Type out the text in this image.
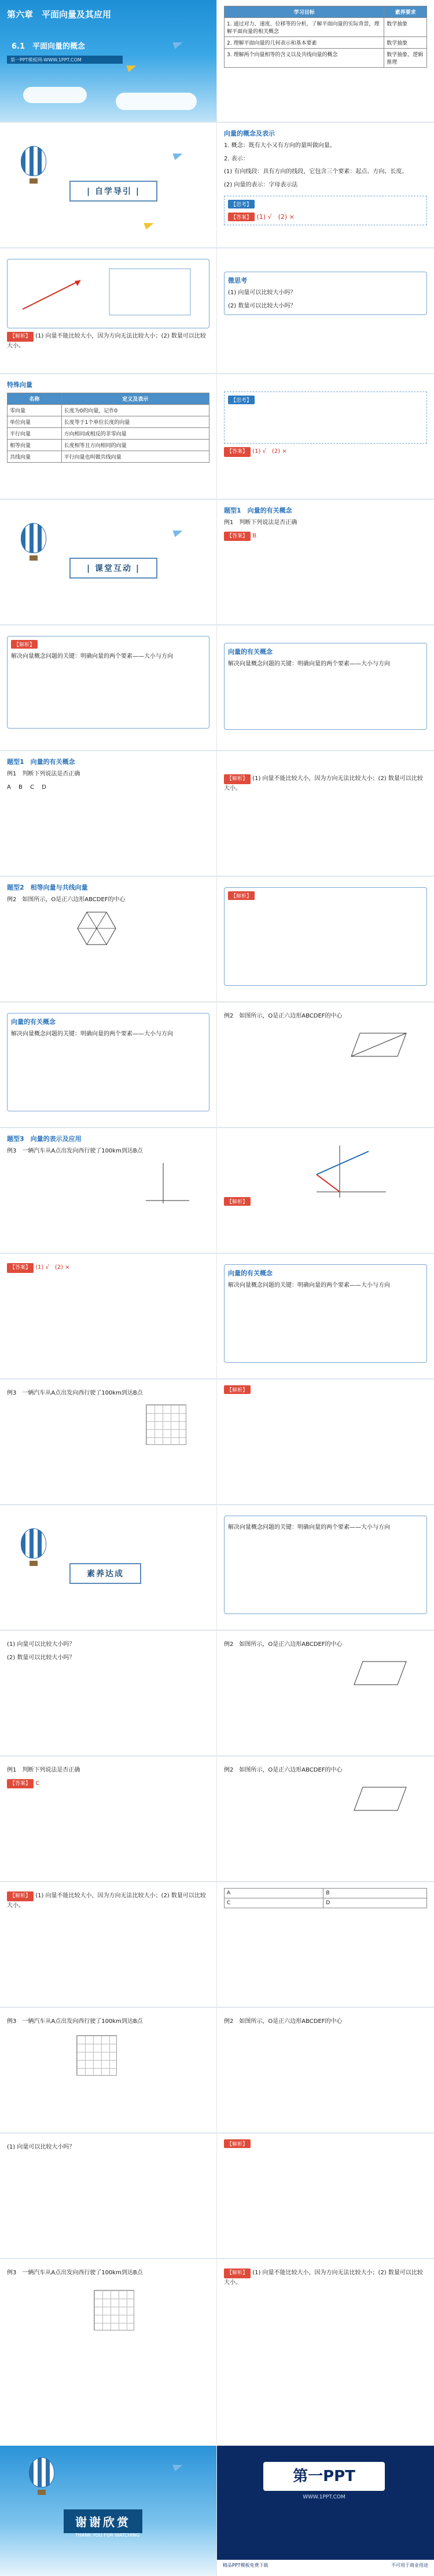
第六章　平面向量及其应用
6.1　平面向量的概念
第一PPT模板网-WWW.1PPT.COM
学习目标	素养要求
1. 通过对力、速度、位移等的分析，了解平面向量的实际背景，理解平面向量的相关概念	数学抽象
2. 理解平面向量的几何表示和基本要素	数学抽象
3. 理解两个向量相等的含义以及共线向量的概念	数学抽象、逻辑推理
| 自学导引 |
向量的概念及表示
1. 概念：既有大小又有方向的量叫做向量。
2. 表示：
(1) 有向线段：具有方向的线段，它包含三个要素：起点、方向、长度。
(2) 向量的表示：字母表示法
【思考】
【答案】 (1) √　(2) ×
【解析】 (1) 向量不能比较大小，因为方向无法比较大小；(2) 数量可以比较大小。
微思考
(1) 向量可以比较大小吗？
(2) 数量可以比较大小吗？
特殊向量
名称	定义及表示
零向量	长度为0的向量，记作0
单位向量	长度等于1个单位长度的向量
平行向量	方向相同或相反的非零向量
相等向量	长度相等且方向相同的向量
共线向量	平行向量也叫做共线向量
【思考】
【答案】 (1) √　(2) ×
| 课堂互动 |
题型1　向量的有关概念
例1　判断下列说法是否正确
【答案】 B
【解析】
解决向量概念问题的关键：明确向量的两个要素——大小与方向
向量的有关概念
解决向量概念问题的关键：明确向量的两个要素——大小与方向
题型1　向量的有关概念
例1　判断下列说法是否正确
A　 B　 C　 D
【解析】 (1) 向量不能比较大小，因为方向无法比较大小；(2) 数量可以比较大小。
题型2　相等向量与共线向量
例2　如图所示，O是正六边形ABCDEF的中心	【解析】
向量的有关概念
解决向量概念问题的关键：明确向量的两个要素——大小与方向
例2　如图所示，O是正六边形ABCDEF的中心
题型3　向量的表示及应用
例3　一辆汽车从A点出发向西行驶了100km到达B点
【解析】
【答案】 (1) √　(2) ×
向量的有关概念
解决向量概念问题的关键：明确向量的两个要素——大小与方向
例3　一辆汽车从A点出发向西行驶了100km到达B点	【解析】
素养达成
解决向量概念问题的关键：明确向量的两个要素——大小与方向
(1) 向量可以比较大小吗？
(2) 数量可以比较大小吗？
例2　如图所示，O是正六边形ABCDEF的中心
例1　判断下列说法是否正确
【答案】 C
例2　如图所示，O是正六边形ABCDEF的中心
【解析】 (1) 向量不能比较大小，因为方向无法比较大小；(2) 数量可以比较大小。
A	B
C	D
例3　一辆汽车从A点出发向西行驶了100km到达B点	例2　如图所示，O是正六边形ABCDEF的中心
(1) 向量可以比较大小吗？	【解析】
例3　一辆汽车从A点出发向西行驶了100km到达B点	【解析】 (1) 向量不能比较大小，因为方向无法比较大小；(2) 数量可以比较大小。
谢谢欣赏
THANK YOU FOR WATCHING
第一PPT
WWW.1PPT.COM
精品PPT模板免费下载	不可用于商业用途
